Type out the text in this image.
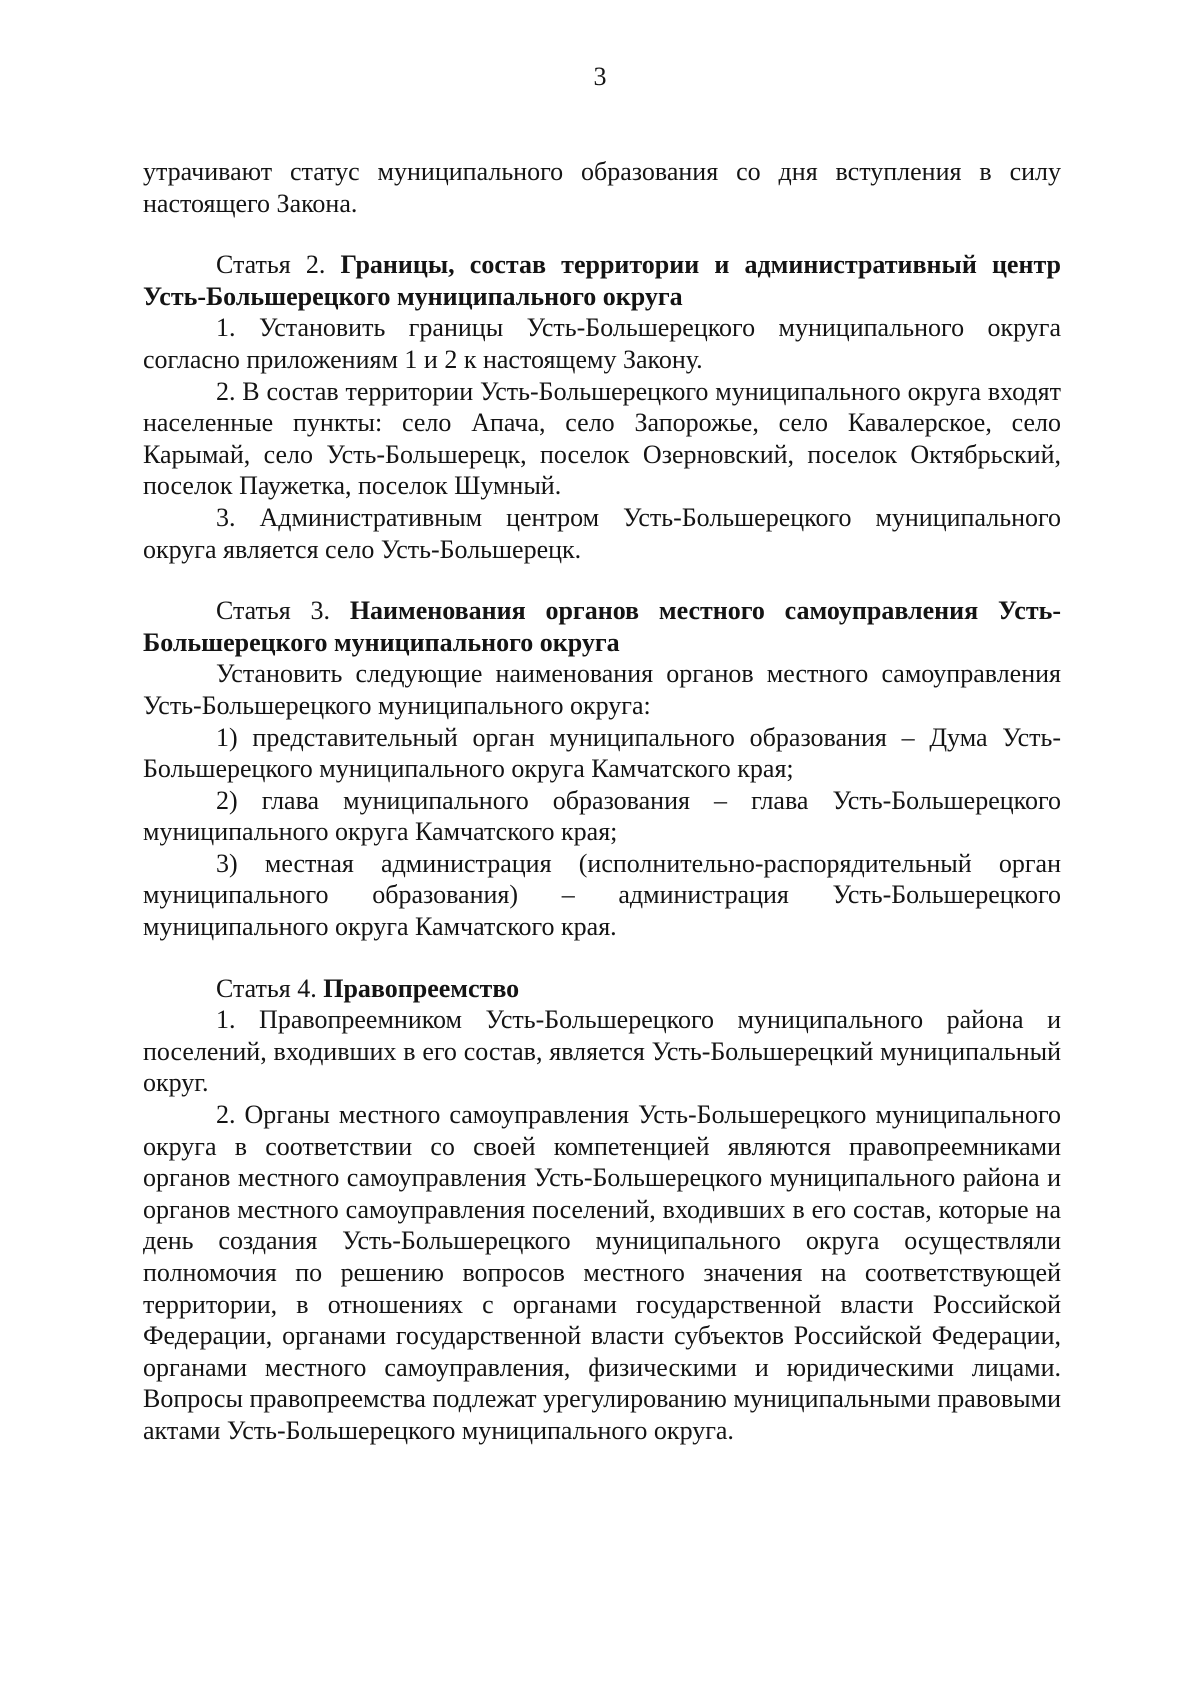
3

утрачивают статус муниципального образования со дня вступления в силу настоящего Закона.

Статья 2. Границы, состав территории и административный центр Усть-Большерецкого муниципального округа

1. Установить границы Усть-Большерецкого муниципального округа согласно приложениям 1 и 2 к настоящему Закону.

2. В состав территории Усть-Большерецкого муниципального округа входят населенные пункты: село Апача, село Запорожье, село Кавалерское, село Карымай, село Усть-Большерецк, поселок Озерновский, поселок Октябрьский, поселок Паужетка, поселок Шумный.

3. Административным центром Усть-Большерецкого муниципального округа является село Усть-Большерецк.

Статья 3. Наименования органов местного самоуправления Усть-Большерецкого муниципального округа

Установить следующие наименования органов местного самоуправления Усть-Большерецкого муниципального округа:

1) представительный орган муниципального образования – Дума Усть-Большерецкого муниципального округа Камчатского края;

2) глава муниципального образования – глава Усть-Большерецкого муниципального округа Камчатского края;

3) местная администрация (исполнительно-распорядительный орган муниципального образования) – администрация Усть-Большерецкого муниципального округа Камчатского края.

Статья 4. Правопреемство

1. Правопреемником Усть-Большерецкого муниципального района и поселений, входивших в его состав, является Усть-Большерецкий муниципальный округ.

2. Органы местного самоуправления Усть-Большерецкого муниципального округа в соответствии со своей компетенцией являются правопреемниками органов местного самоуправления Усть-Большерецкого муниципального района и органов местного самоуправления поселений, входивших в его состав, которые на день создания Усть-Большерецкого муниципального округа осуществляли полномочия по решению вопросов местного значения на соответствующей территории, в отношениях с органами государственной власти Российской Федерации, органами государственной власти субъектов Российской Федерации, органами местного самоуправления, физическими и юридическими лицами. Вопросы правопреемства подлежат урегулированию муниципальными правовыми актами Усть-Большерецкого муниципального округа.
